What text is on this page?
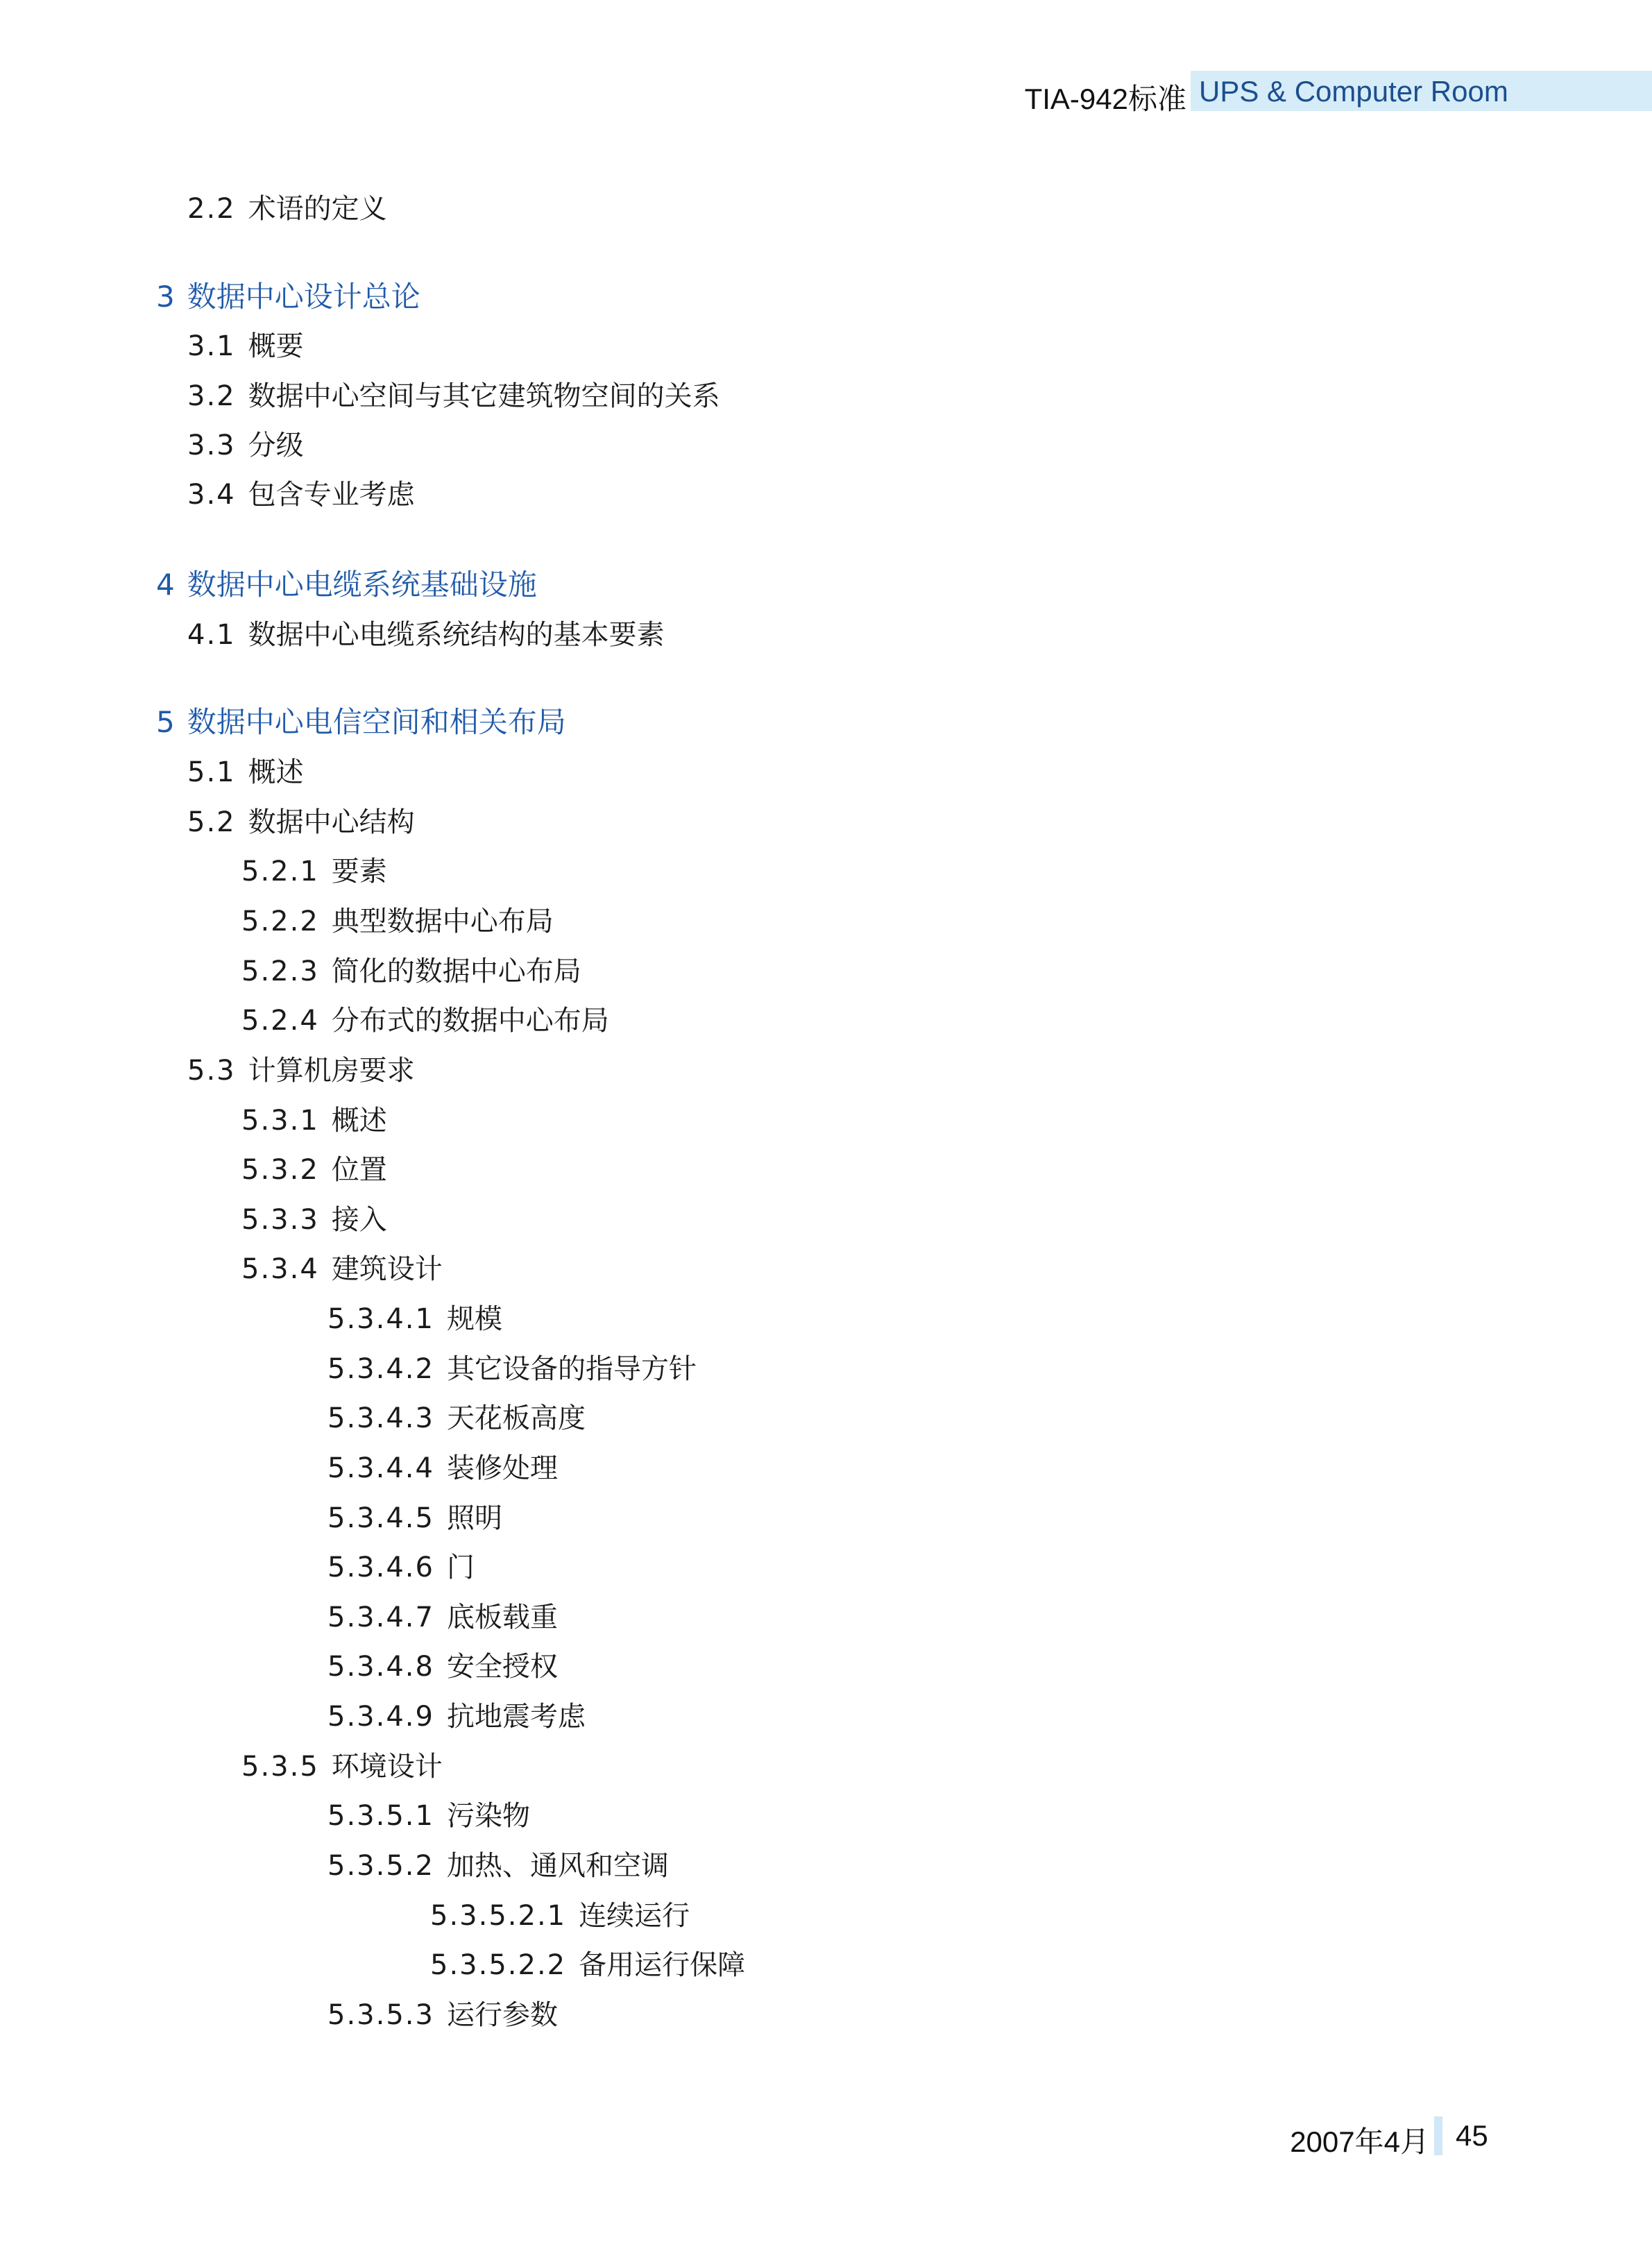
TIA-942标准 UPS & Computer Room
2.2 术语的定义
3 数据中心设计总论
3.1 概要
3.2 数据中心空间与其它建筑物空间的关系
3.3 分级
3.4 包含专业考虑
4 数据中心电缆系统基础设施
4.1 数据中心电缆系统结构的基本要素
5 数据中心电信空间和相关布局
5.1 概述
5.2 数据中心结构
5.2.1 要素
5.2.2 典型数据中心布局
5.2.3 简化的数据中心布局
5.2.4 分布式的数据中心布局
5.3 计算机房要求
5.3.1 概述
5.3.2 位置
5.3.3 接入
5.3.4 建筑设计
5.3.4.1 规模
5.3.4.2 其它设备的指导方针
5.3.4.3 天花板高度
5.3.4.4 装修处理
5.3.4.5 照明
5.3.4.6 门
5.3.4.7 底板载重
5.3.4.8 安全授权
5.3.4.9 抗地震考虑
5.3.5 环境设计
5.3.5.1 污染物
5.3.5.2 加热、通风和空调
5.3.5.2.1 连续运行
5.3.5.2.2 备用运行保障
5.3.5.3 运行参数
2007年4月 45
